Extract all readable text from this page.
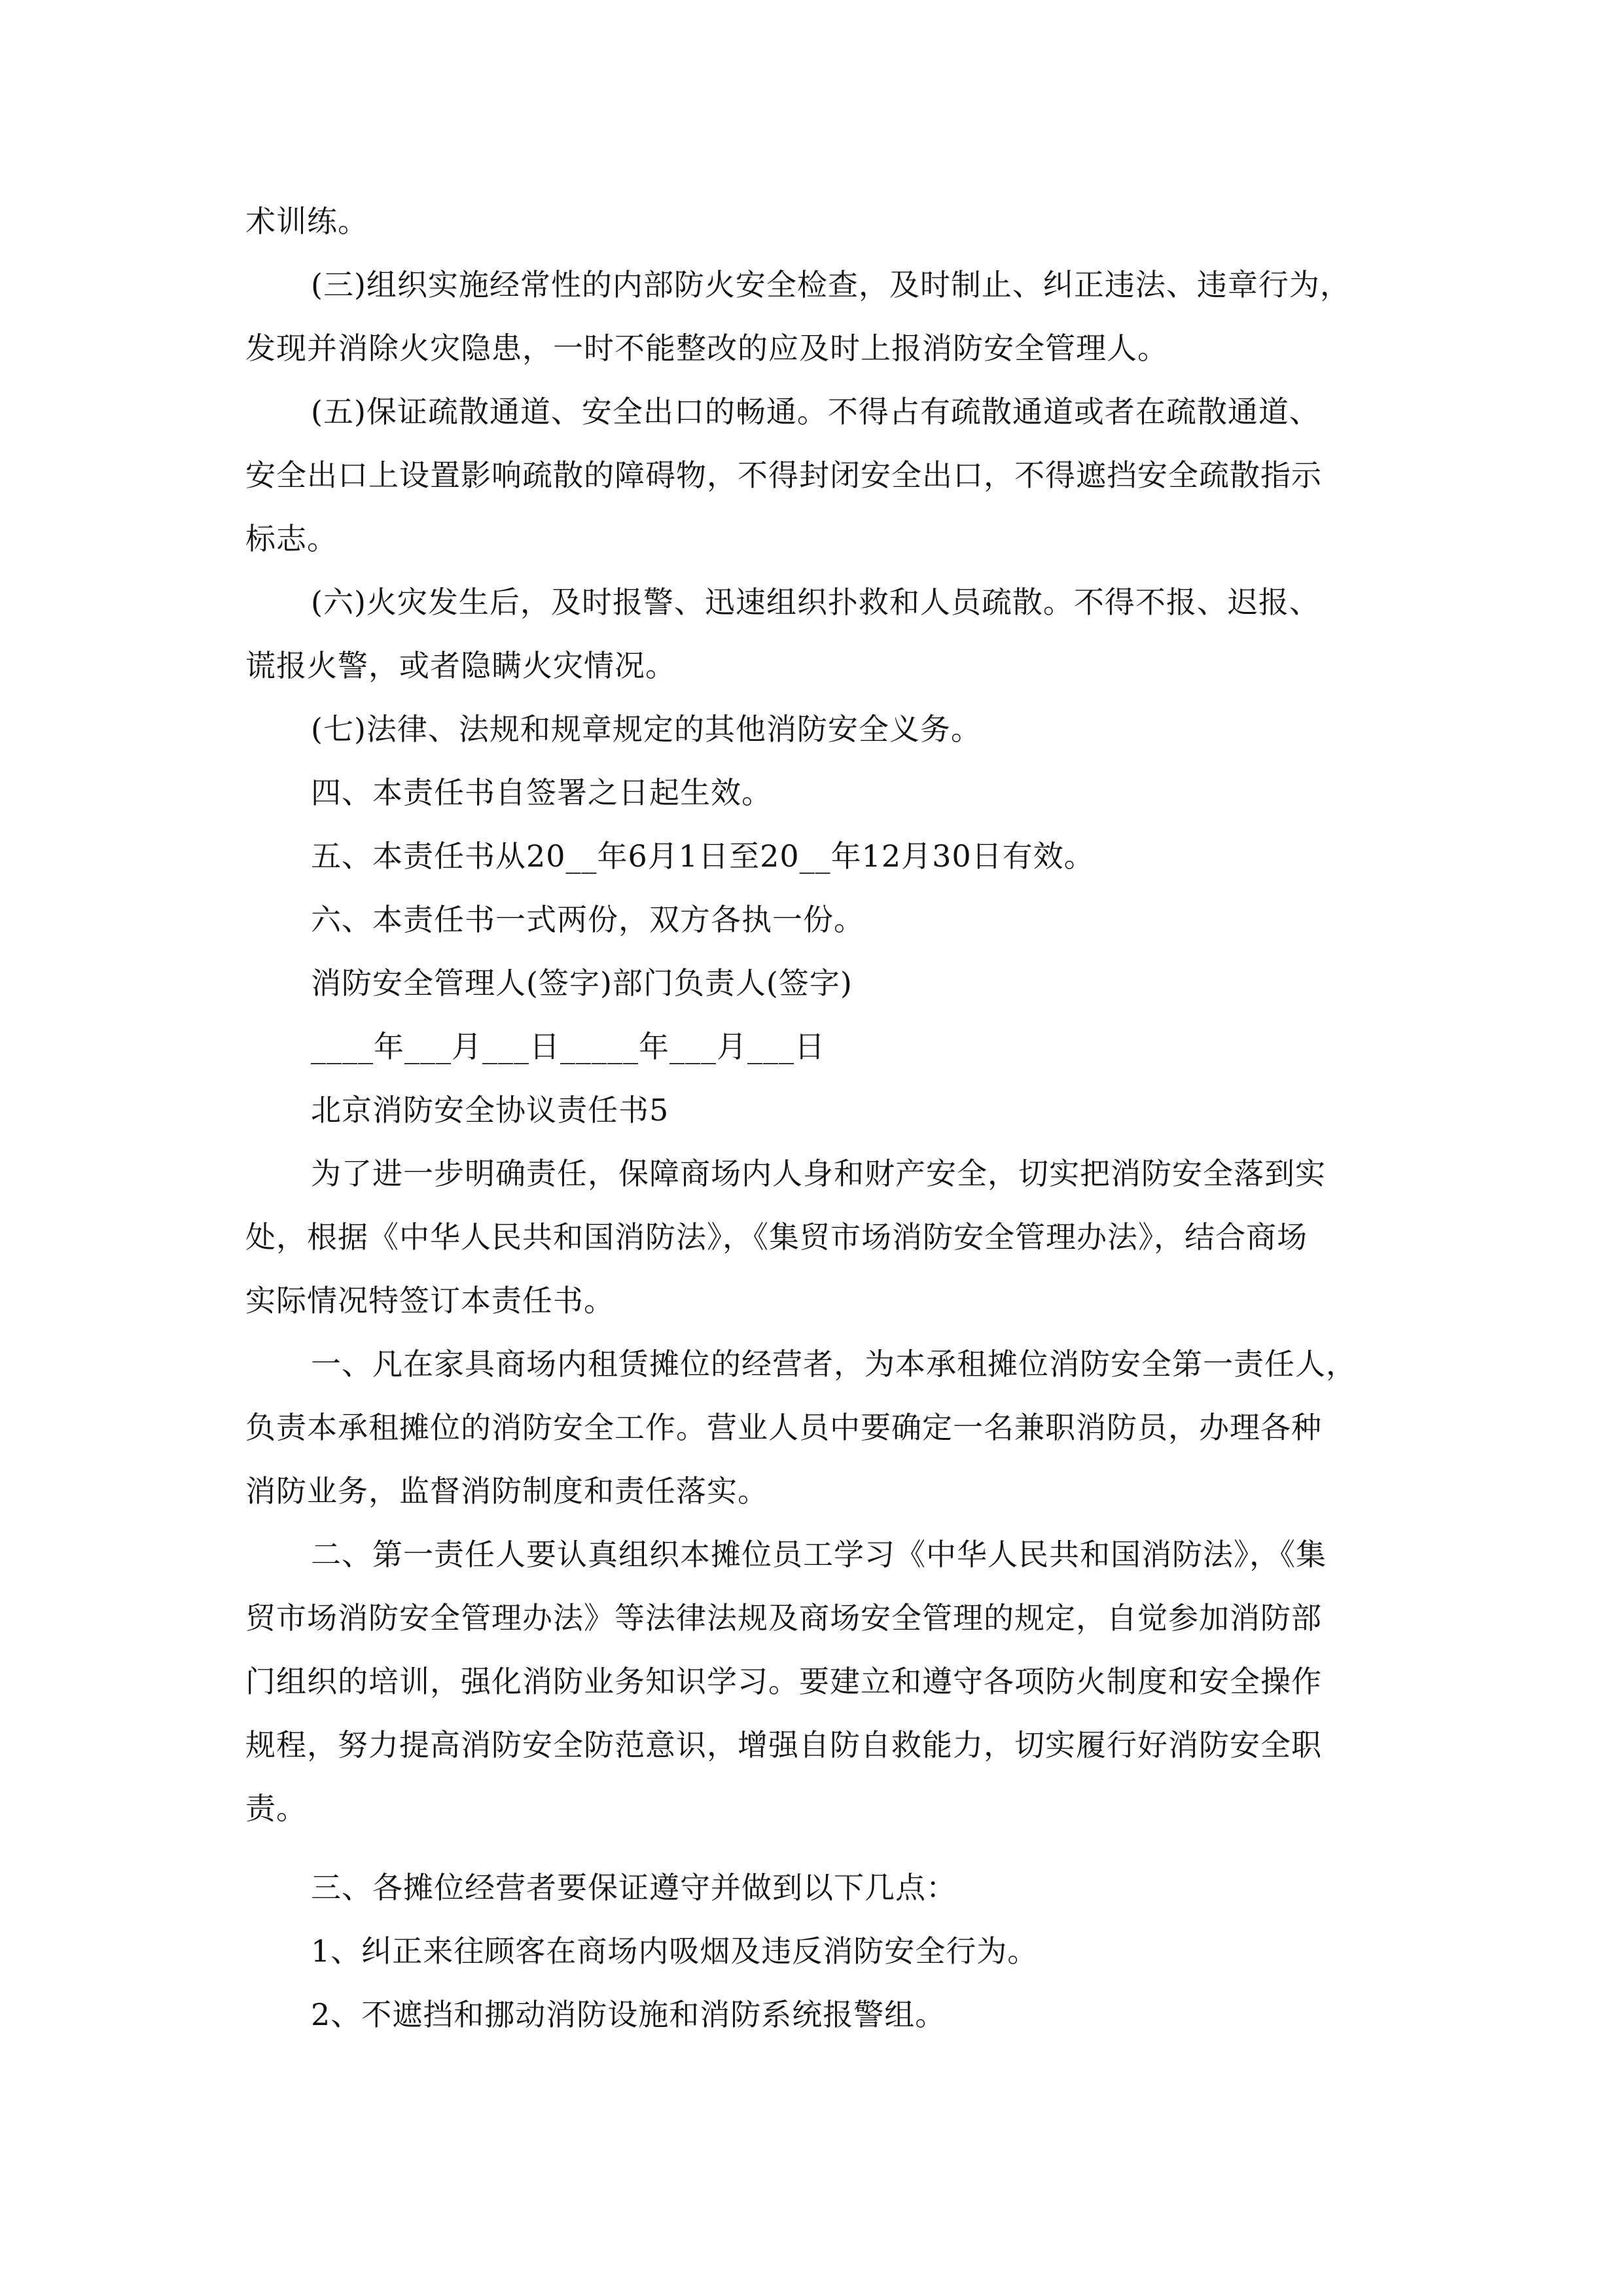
术训练。
(三)组织实施经常性的内部防火安全检查，及时制止、纠正违法、违章行为，
发现并消除火灾隐患，一时不能整改的应及时上报消防安全管理人。
(五)保证疏散通道、安全出口的畅通。不得占有疏散通道或者在疏散通道、
安全出口上设置影响疏散的障碍物，不得封闭安全出口，不得遮挡安全疏散指示
标志。
(六)火灾发生后，及时报警、迅速组织扑救和人员疏散。不得不报、迟报、
谎报火警，或者隐瞒火灾情况。
(七)法律、法规和规章规定的其他消防安全义务。
四、本责任书自签署之日起生效。
五、本责任书从20__年6月1日至20__年12月30日有效。
六、本责任书一式两份，双方各执一份。
消防安全管理人(签字)部门负责人(签字)
____年___月___日_____年___月___日
北京消防安全协议责任书5
为了进一步明确责任，保障商场内人身和财产安全，切实把消防安全落到实
处，根据《中华人民共和国消防法》，《集贸市场消防安全管理办法》，结合商场
实际情况特签订本责任书。
一、凡在家具商场内租赁摊位的经营者，为本承租摊位消防安全第一责任人，
负责本承租摊位的消防安全工作。营业人员中要确定一名兼职消防员，办理各种
消防业务，监督消防制度和责任落实。
二、第一责任人要认真组织本摊位员工学习《中华人民共和国消防法》，《集
贸市场消防安全管理办法》等法律法规及商场安全管理的规定，自觉参加消防部
门组织的培训，强化消防业务知识学习。要建立和遵守各项防火制度和安全操作
规程，努力提高消防安全防范意识，增强自防自救能力，切实履行好消防安全职
责。
三、各摊位经营者要保证遵守并做到以下几点：
1、纠正来往顾客在商场内吸烟及违反消防安全行为。
2、不遮挡和挪动消防设施和消防系统报警组。
